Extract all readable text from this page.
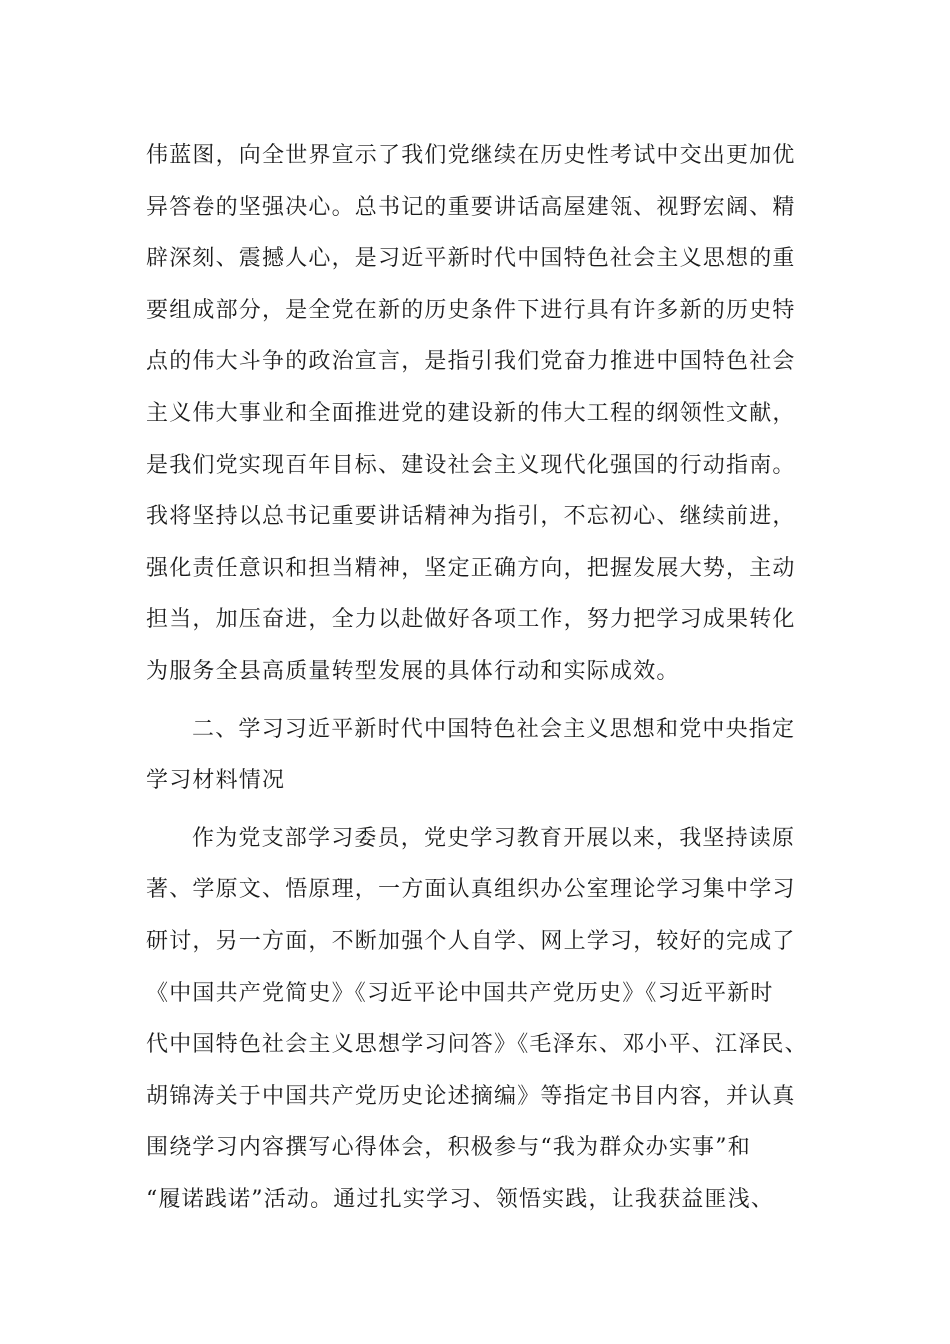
伟蓝图，向全世界宣示了我们党继续在历史性考试中交出更加优
异答卷的坚强决心。总书记的重要讲话高屋建瓴、视野宏阔、精
辟深刻、震撼人心，是习近平新时代中国特色社会主义思想的重
要组成部分，是全党在新的历史条件下进行具有许多新的历史特
点的伟大斗争的政治宣言，是指引我们党奋力推进中国特色社会
主义伟大事业和全面推进党的建设新的伟大工程的纲领性文献，
是我们党实现百年目标、建设社会主义现代化强国的行动指南。
我将坚持以总书记重要讲话精神为指引，不忘初心、继续前进，
强化责任意识和担当精神，坚定正确方向，把握发展大势，主动
担当，加压奋进，全力以赴做好各项工作，努力把学习成果转化
为服务全县高质量转型发展的具体行动和实际成效。
二、学习习近平新时代中国特色社会主义思想和党中央指定
学习材料情况
作为党支部学习委员，党史学习教育开展以来，我坚持读原
著、学原文、悟原理，一方面认真组织办公室理论学习集中学习
研讨，另一方面，不断加强个人自学、网上学习，较好的完成了
《中国共产党简史》《习近平论中国共产党历史》《习近平新时
代中国特色社会主义思想学习问答》《毛泽东、邓小平、江泽民、
胡锦涛关于中国共产党历史论述摘编》等指定书目内容，并认真
围绕学习内容撰写心得体会，积极参与“我为群众办实事”和
“履诺践诺”活动。通过扎实学习、领悟实践，让我获益匪浅、
